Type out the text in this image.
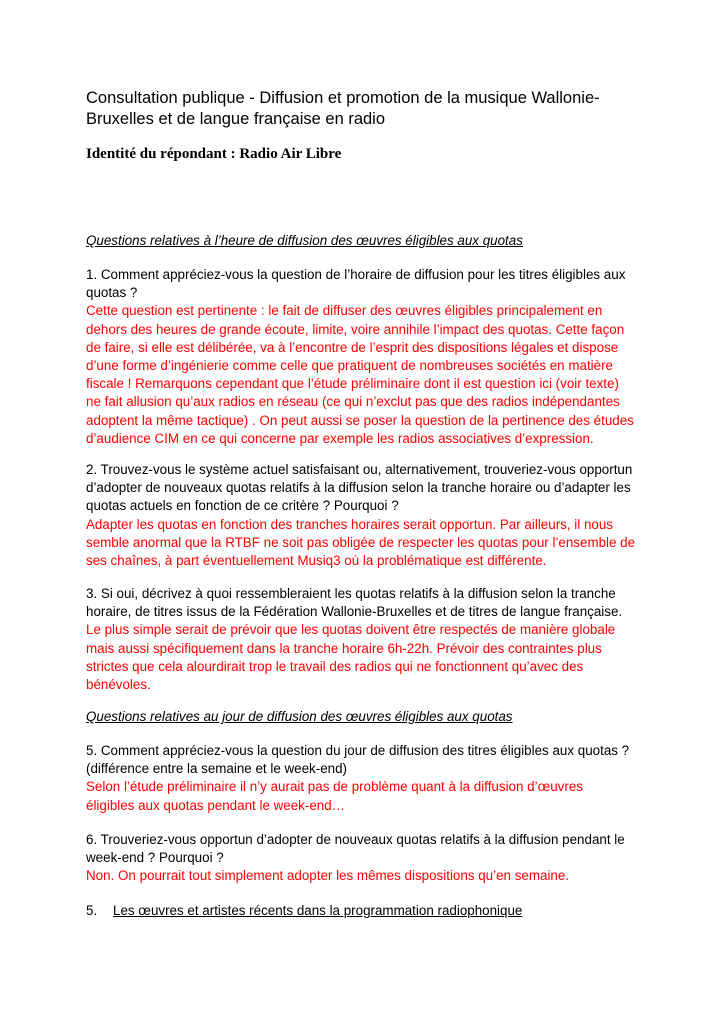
Consultation publique - Diffusion et promotion de la musique Wallonie-
Bruxelles et de langue française en radio
Identité du répondant : Radio Air Libre
Questions relatives à l’heure de diffusion des œuvres éligibles aux quotas
1. Comment appréciez-vous la question de l’horaire de diffusion pour les titres éligibles aux
quotas ?
Cette question est pertinente : le fait de diffuser des œuvres éligibles principalement en
dehors des heures de grande écoute, limite, voire annihile l’impact des quotas. Cette façon
de faire, si elle est délibérée, va à l’encontre de l’esprit des dispositions légales et dispose
d’une forme d’ingénierie comme celle que pratiquent de nombreuses sociétés en matière
fiscale ! Remarquons cependant que l’étude préliminaire dont il est question ici (voir texte)
ne fait allusion qu’aux radios en réseau (ce qui n’exclut pas que des radios indépendantes
adoptent la même tactique) . On peut aussi se poser la question de la pertinence des études
d’audience CIM en ce qui concerne par exemple les radios associatives d’expression.
2. Trouvez-vous le système actuel satisfaisant ou, alternativement, trouveriez-vous opportun
d’adopter de nouveaux quotas relatifs à la diffusion selon la tranche horaire ou d’adapter les
quotas actuels en fonction de ce critère ? Pourquoi ?
Adapter les quotas en fonction des tranches horaires serait opportun. Par ailleurs, il nous
semble anormal que la RTBF ne soit pas obligée de respecter les quotas pour l’ensemble de
ses chaînes, à part éventuellement Musiq3 où la problématique est différente.
3. Si oui, décrivez à quoi ressembleraient les quotas relatifs à la diffusion selon la tranche
horaire, de titres issus de la Fédération Wallonie-Bruxelles et de titres de langue française.
Le plus simple serait de prévoir que les quotas doivent être respectés de manière globale
mais aussi spécifiquement dans la tranche horaire 6h-22h. Prévoir des contraintes plus
strictes que cela alourdirait trop le travail des radios qui ne fonctionnent qu’avec des
bénévoles.
Questions relatives au jour de diffusion des œuvres éligibles aux quotas
5. Comment appréciez-vous la question du jour de diffusion des titres éligibles aux quotas ?
(différence entre la semaine et le week-end)
Selon l’étude préliminaire il n’y aurait pas de problème quant à la diffusion d’œuvres
éligibles aux quotas pendant le week-end…
6. Trouveriez-vous opportun d’adopter de nouveaux quotas relatifs à la diffusion pendant le
week-end ? Pourquoi ?
Non. On pourrait tout simplement adopter les mêmes dispositions qu’en semaine.
5. Les œuvres et artistes récents dans la programmation radiophonique
